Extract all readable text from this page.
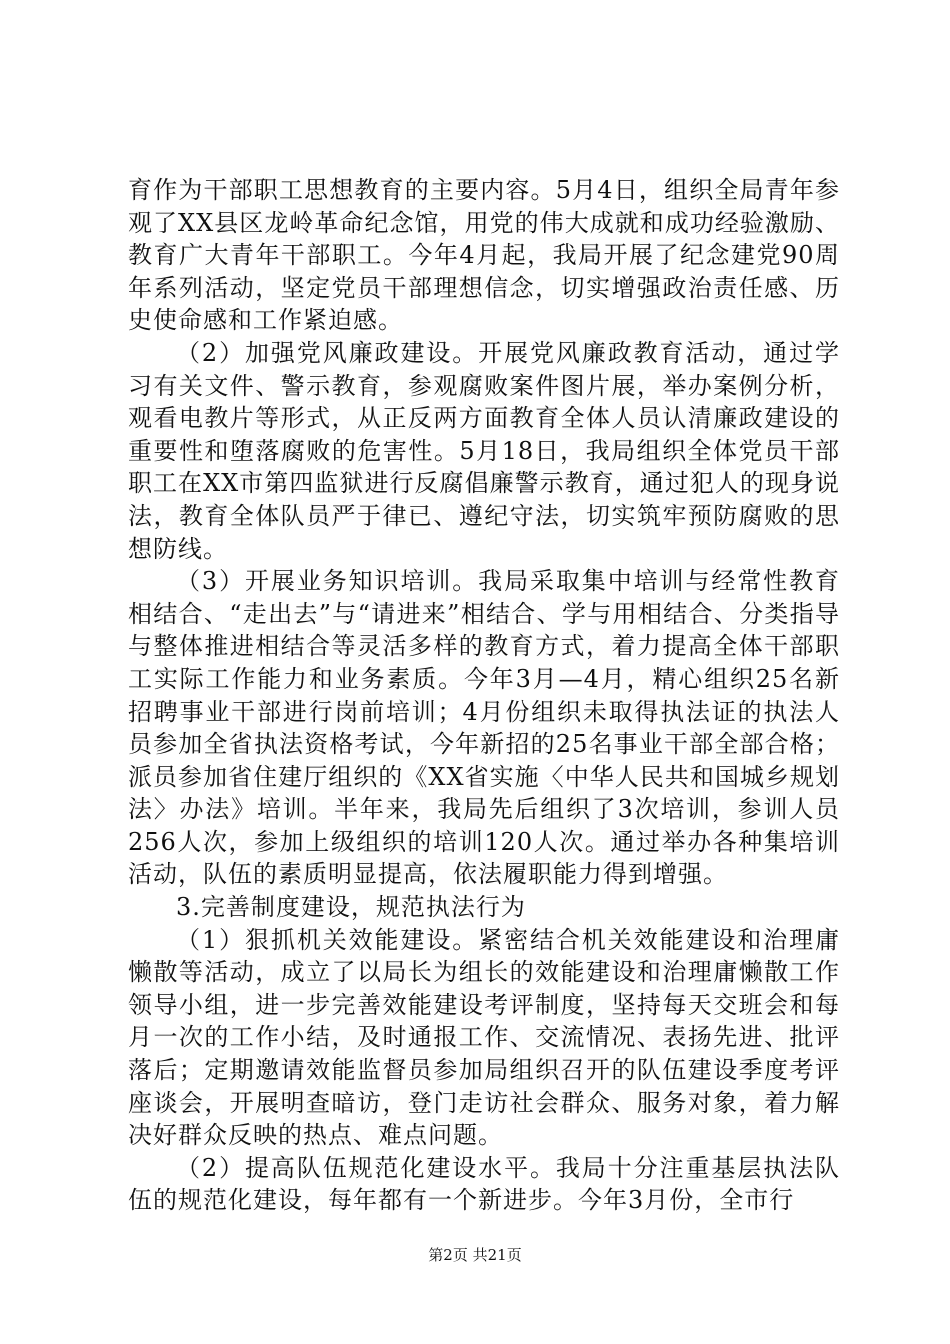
育作为干部职工思想教育的主要内容。5月4日，组织全局青年参观了XX县区龙岭革命纪念馆，用党的伟大成就和成功经验激励、教育广大青年干部职工。今年4月起，我局开展了纪念建党90周年系列活动，坚定党员干部理想信念，切实增强政治责任感、历史使命感和工作紧迫感。

（2）加强党风廉政建设。开展党风廉政教育活动，通过学习有关文件、警示教育，参观腐败案件图片展，举办案例分析，观看电教片等形式，从正反两方面教育全体人员认清廉政建设的重要性和堕落腐败的危害性。5月18日，我局组织全体党员干部职工在XX市第四监狱进行反腐倡廉警示教育，通过犯人的现身说法，教育全体队员严于律已、遵纪守法，切实筑牢预防腐败的思想防线。

（3）开展业务知识培训。我局采取集中培训与经常性教育相结合、“走出去”与“请进来”相结合、学与用相结合、分类指导与整体推进相结合等灵活多样的教育方式，着力提高全体干部职工实际工作能力和业务素质。今年3月—4月，精心组织25名新招聘事业干部进行岗前培训；4月份组织未取得执法证的执法人员参加全省执法资格考试，今年新招的25名事业干部全部合格；派员参加省住建厅组织的《XX省实施〈中华人民共和国城乡规划法〉办法》培训。半年来，我局先后组织了3次培训，参训人员256人次，参加上级组织的培训120人次。通过举办各种集培训活动，队伍的素质明显提高，依法履职能力得到增强。

3.完善制度建设，规范执法行为

（1）狠抓机关效能建设。紧密结合机关效能建设和治理庸懒散等活动，成立了以局长为组长的效能建设和治理庸懒散工作领导小组，进一步完善效能建设考评制度，坚持每天交班会和每月一次的工作小结，及时通报工作、交流情况、表扬先进、批评落后；定期邀请效能监督员参加局组织召开的队伍建设季度考评座谈会，开展明查暗访，登门走访社会群众、服务对象，着力解决好群众反映的热点、难点问题。

（2）提高队伍规范化建设水平。我局十分注重基层执法队伍的规范化建设，每年都有一个新进步。今年3月份，全市行

第2页 共21页
